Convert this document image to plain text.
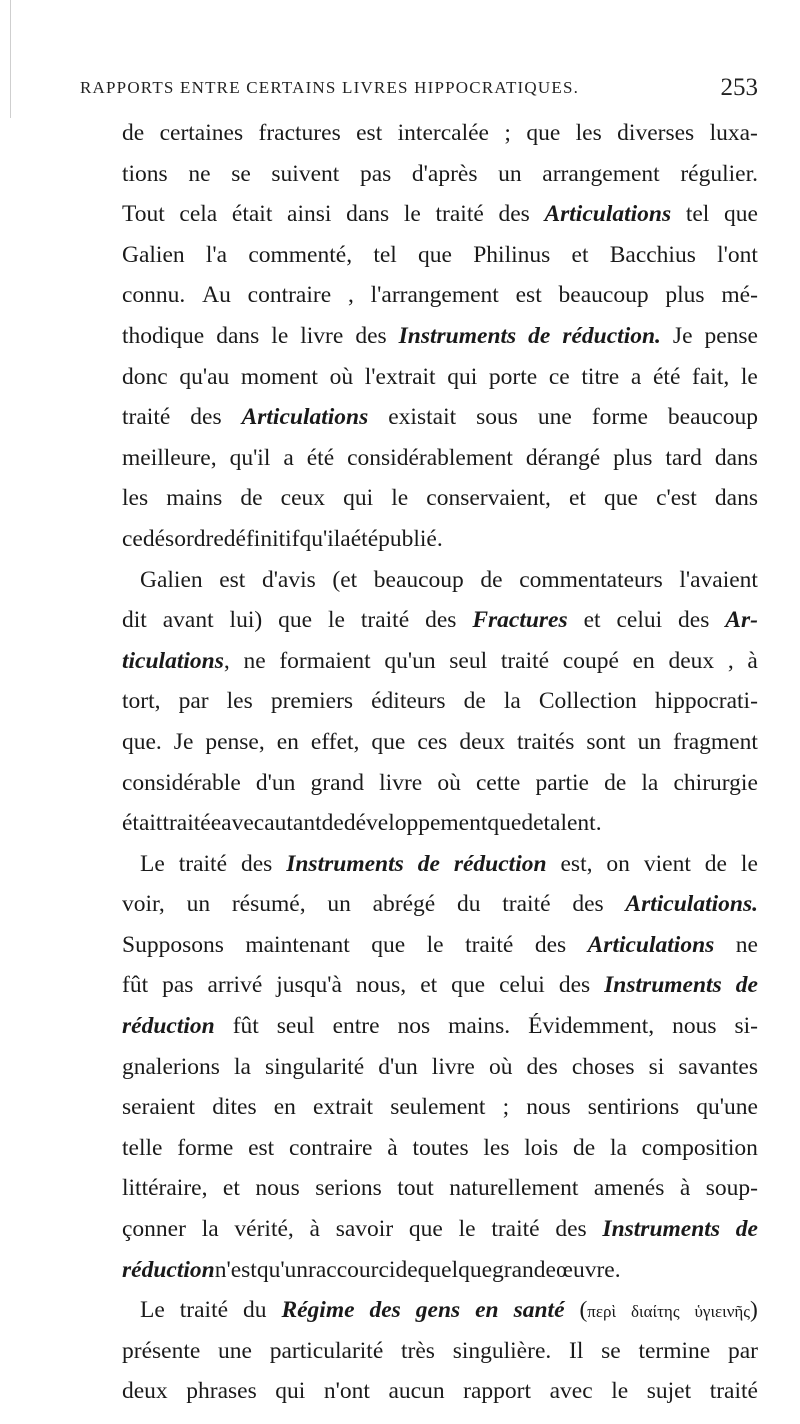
RAPPORTS ENTRE CERTAINS LIVRES HIPPOCRATIQUES.	253
de certaines fractures est intercalée ; que les diverses luxa-
tions ne se suivent pas d'après un arrangement régulier.
Tout cela était ainsi dans le traité des Articulations tel que
Galien l'a commenté, tel que Philinus et Bacchius l'ont
connu. Au contraire , l'arrangement est beaucoup plus mé-
thodique dans le livre des Instruments de réduction. Je pense
donc qu'au moment où l'extrait qui porte ce titre a été fait, le
traité des Articulations existait sous une forme beaucoup
meilleure, qu'il a été considérablement dérangé plus tard dans
les mains de ceux qui le conservaient, et que c'est dans
ce désordre définitif qu'il a été publié.
Galien est d'avis (et beaucoup de commentateurs l'avaient
dit avant lui) que le traité des Fractures et celui des Ar-
ticulations, ne formaient qu'un seul traité coupé en deux , à
tort, par les premiers éditeurs de la Collection hippocrati-
que. Je pense, en effet, que ces deux traités sont un fragment
considérable d'un grand livre où cette partie de la chirurgie
était traitée avec autant de développement que de talent.
Le traité des Instruments de réduction est, on vient de le
voir, un résumé, un abrégé du traité des Articulations.
Supposons maintenant que le traité des Articulations ne
fût pas arrivé jusqu'à nous, et que celui des Instruments de
réduction fût seul entre nos mains. Évidemment, nous si-
gnalerions la singularité d'un livre où des choses si savantes
seraient dites en extrait seulement ; nous sentirions qu'une
telle forme est contraire à toutes les lois de la composition
littéraire, et nous serions tout naturellement amenés à soup-
çonner la vérité, à savoir que le traité des Instruments de
réduction n'est qu'un raccourci de quelque grande œuvre.
Le traité du Régime des gens en santé (περὶ διαίτης ὑγιεινῆς)
présente une particularité très singulière. Il se termine par
deux phrases qui n'ont aucun rapport avec le sujet traité
